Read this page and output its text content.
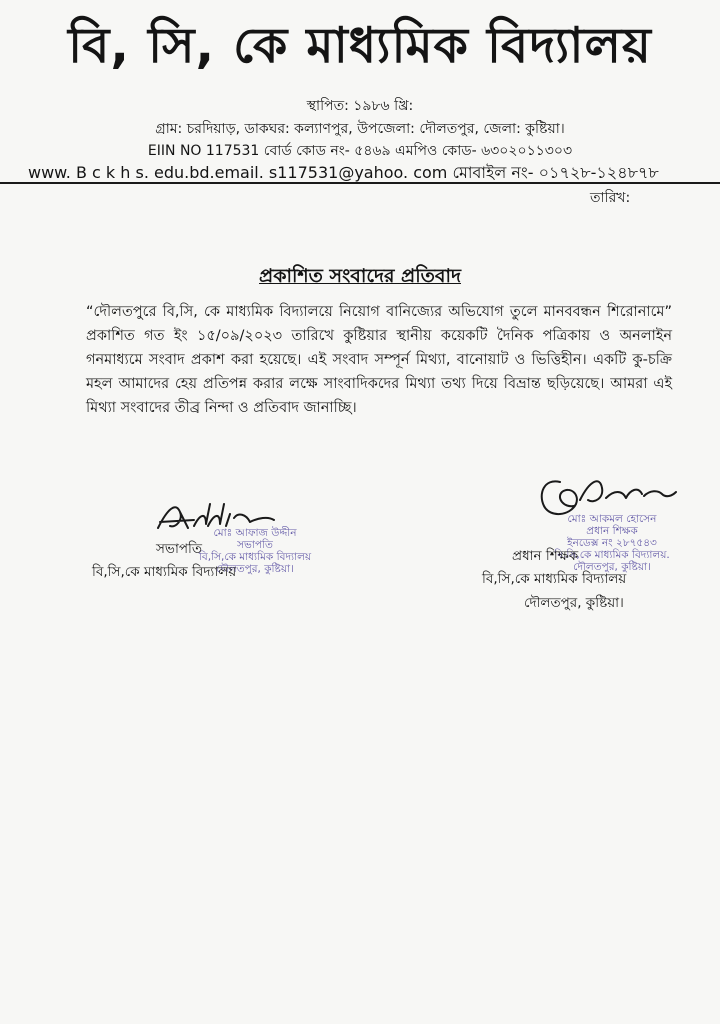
বি, সি, কে মাধ্যমিক বিদ্যালয়
স্থাপিত: ১৯৮৬ খ্রি:
গ্রাম: চরদিয়াড়, ডাকঘর: কল্যাণপুর, উপজেলা: দৌলতপুর, জেলা: কুষ্টিয়া।
EIIN NO 117531 বোর্ড কোড নং- ৫৪৬৯ এমপিও কোড- ৬৩০২০১১৩০৩
www. B c k h s. edu.bd.email. s117531@yahoo. com মোবাইল নং- ০১৭২৮-১২৪৮৭৮
তারিখ:
প্রকাশিত সংবাদের প্রতিবাদ
“দৌলতপুরে বি,সি, কে মাধ্যমিক বিদ্যালয়ে নিয়োগ বানিজ্যের অভিযোগ তুলে মানববন্ধন শিরোনামে” প্রকাশিত গত ইং ১৫/০৯/২০২৩ তারিখে কুষ্টিয়ার স্থানীয় কয়েকটি দৈনিক পত্রিকায় ও অনলাইন গনমাধ্যমে সংবাদ প্রকাশ করা হয়েছে। এই সংবাদ সম্পূর্ন মিথ্যা, বানোয়াট ও ভিত্তিহীন। একটি কু-চক্রি মহল আমাদের হেয় প্রতিপন্ন করার লক্ষে সাংবাদিকদের মিথ্যা তথ্য দিয়ে বিভ্রান্ত ছড়িয়েছে। আমরা এই মিথ্যা সংবাদের তীব্র নিন্দা ও প্রতিবাদ জানাচ্ছি।
মোঃ আফাজ উদ্দীন
সভাপতি
বি,সি,কে মাধ্যমিক বিদ্যালয়
দৌলতপুর, কুষ্টিয়া।
সভাপতি
বি,সি,কে মাধ্যমিক বিদ্যালয়
মোঃ আকমল হোসেন
প্রধান শিক্ষক
ইনডেক্স নং ২৮৭৫৪৩
বি,সি,কে মাধ্যমিক বিদ্যালয়.
দৌলতপুর, কুষ্টিয়া।
প্রধান শিক্ষক
বি,সি,কে মাধ্যমিক বিদ্যালয়
দৌলতপুর, কুষ্টিয়া।
